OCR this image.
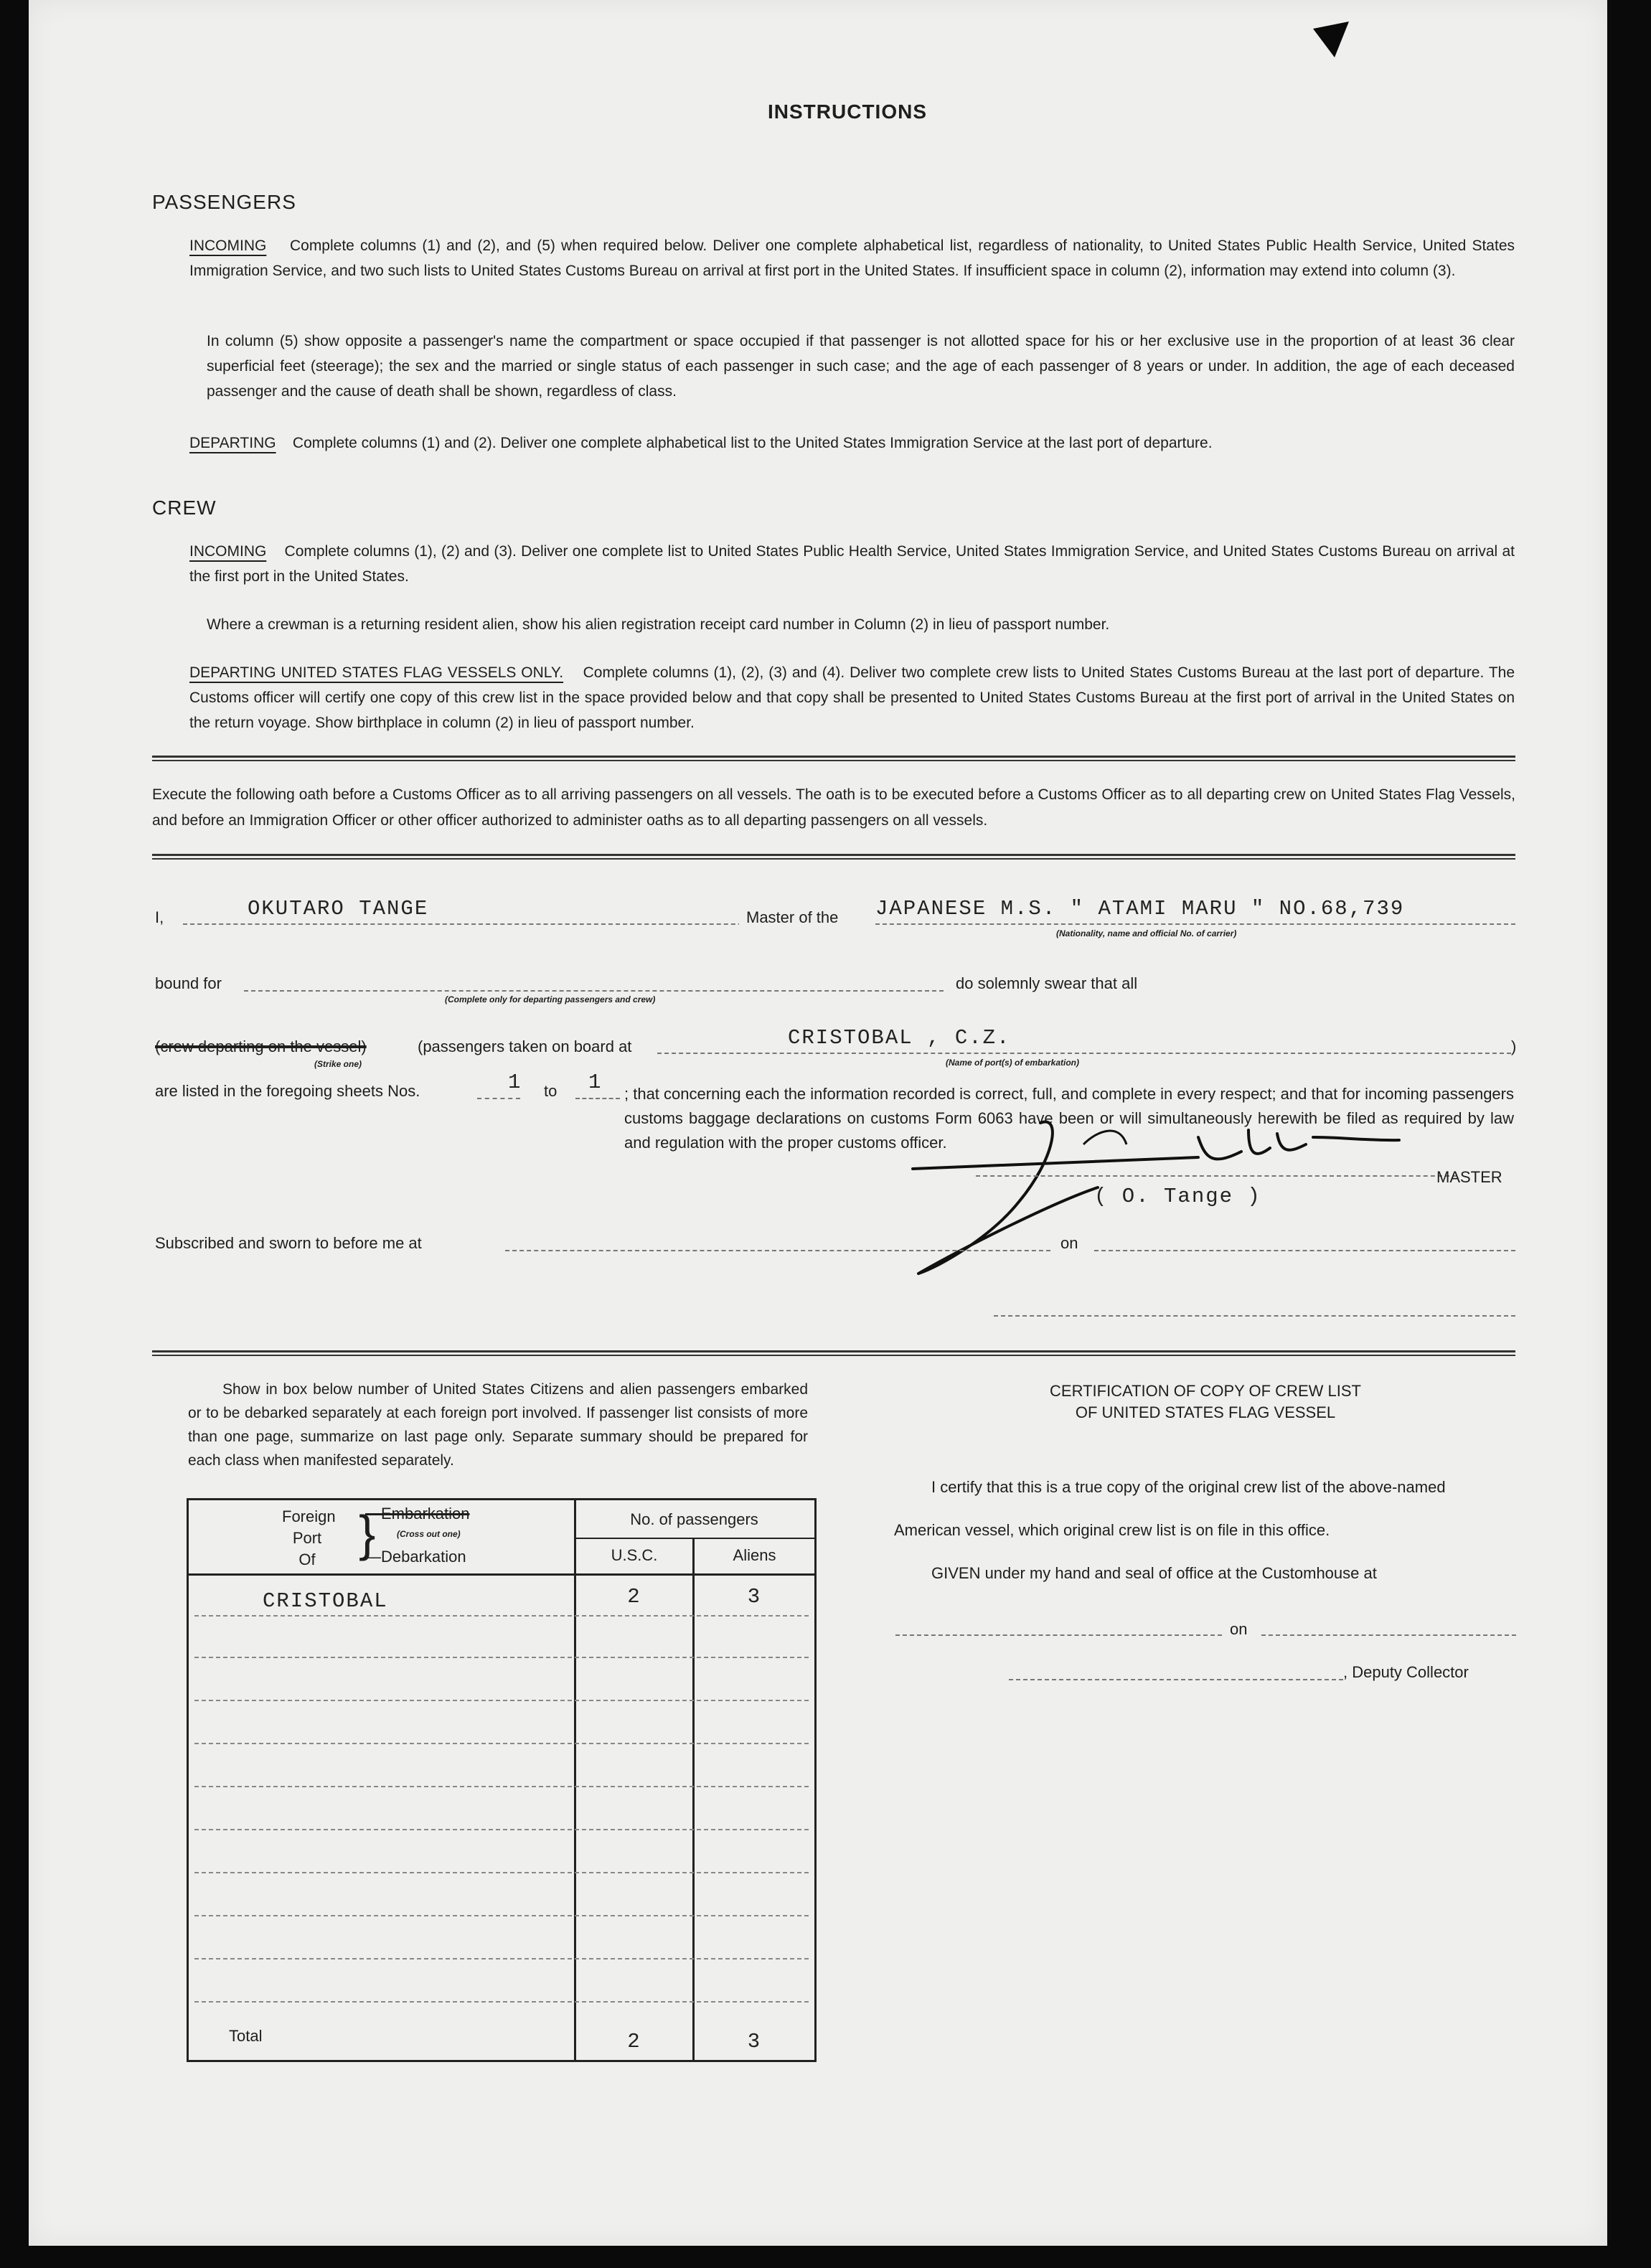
INSTRUCTIONS
PASSENGERS
INCOMING Complete columns (1) and (2), and (5) when required below. Deliver one complete alphabetical list, regardless of nationality, to United States Public Health Service, United States Immigration Service, and two such lists to United States Customs Bureau on arrival at first port in the United States. If insufficient space in column (2), information may extend into column (3).
In column (5) show opposite a passenger's name the compartment or space occupied if that passenger is not allotted space for his or her exclusive use in the proportion of at least 36 clear superficial feet (steerage); the sex and the married or single status of each passenger in such case; and the age of each passenger of 8 years or under. In addition, the age of each deceased passenger and the cause of death shall be shown, regardless of class.
DEPARTING Complete columns (1) and (2). Deliver one complete alphabetical list to the United States Immigration Service at the last port of departure.
CREW
INCOMING Complete columns (1), (2) and (3). Deliver one complete list to United States Public Health Service, United States Immigration Service, and United States Customs Bureau on arrival at the first port in the United States.
Where a crewman is a returning resident alien, show his alien registration receipt card number in Column (2) in lieu of passport number.
DEPARTING UNITED STATES FLAG VESSELS ONLY. Complete columns (1), (2), (3) and (4). Deliver two complete crew lists to United States Customs Bureau at the last port of departure. The Customs officer will certify one copy of this crew list in the space provided below and that copy shall be presented to United States Customs Bureau at the first port of arrival in the United States on the return voyage. Show birthplace in column (2) in lieu of passport number.
Execute the following oath before a Customs Officer as to all arriving passengers on all vessels. The oath is to be executed before a Customs Officer as to all departing crew on United States Flag Vessels, and before an Immigration Officer or other officer authorized to administer oaths as to all departing passengers on all vessels.
I,	OKUTARO TANGE	Master of the	JAPANESE M.S. " ATAMI MARU " NO.68,739
(Nationality, name and official No. of carrier)
bound for
(Complete only for departing passengers and crew)
do solemnly swear that all
(crew departing on the vessel)
(Strike one)
(passengers taken on board at	CRISTOBAL , C.Z.
(Name of port(s) of embarkation)
)
are listed in the foregoing sheets Nos.	1 to 1 ; that concerning each the information recorded is correct, full, and complete in every respect; and that for incoming passengers customs baggage declarations on customs Form 6063 have been or will simultaneously herewith be filed as required by law and regulation with the proper customs officer.
MASTER
( O. Tange )
Subscribed and sworn to before me at	on
Show in box below number of United States Citizens and alien passengers embarked or to be debarked separately at each foreign port involved. If passenger list consists of more than one page, summarize on last page only. Separate summary should be prepared for each class when manifested separately.
Foreign
Port
Of }
—Embarkation
(Cross out one)
—Debarkation
No. of passengers
U.S.C.	Aliens
CRISTOBAL	2	3
Total	2	3
CERTIFICATION OF COPY OF CREW LIST
OF UNITED STATES FLAG VESSEL
I certify that this is a true copy of the original crew list of the above-named
American vessel, which original crew list is on file in this office.
GIVEN under my hand and seal of office at the Customhouse at
on
, Deputy Collector
